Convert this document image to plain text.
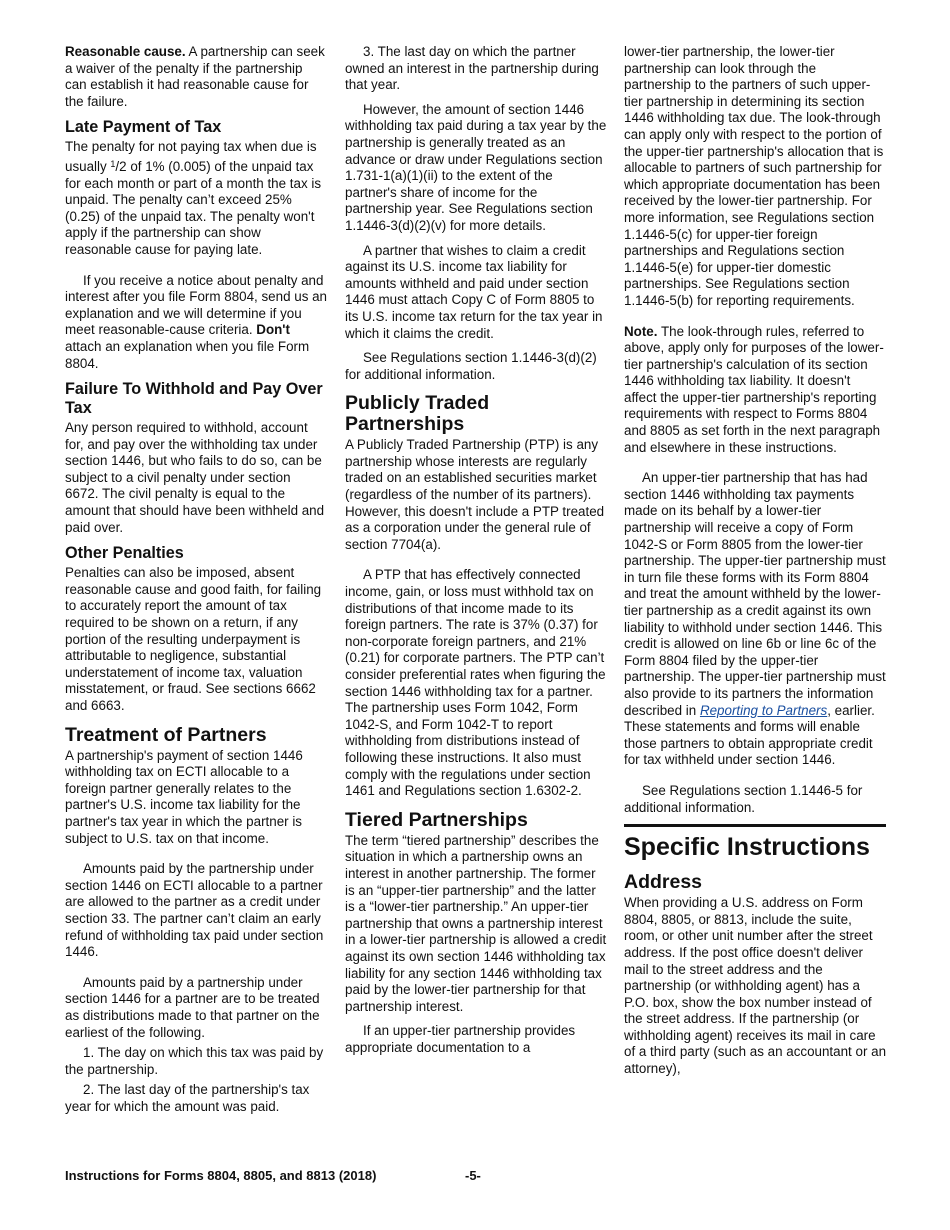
Reasonable cause. A partnership can seek a waiver of the penalty if the partnership can establish it had reasonable cause for the failure.

Late Payment of Tax

The penalty for not paying tax when due is usually $^1$/2 of 1% (0.005) of the unpaid tax for each month or part of a month the tax is unpaid. The penalty can’t exceed 25% (0.25) of the unpaid tax. The penalty won't apply if the partnership can show reasonable cause for paying late.

If you receive a notice about penalty and interest after you file Form 8804, send us an explanation and we will determine if you meet reasonable-cause criteria. Don't attach an explanation when you file Form 8804.

Failure To Withhold and Pay Over Tax

Any person required to withhold, account for, and pay over the withholding tax under section 1446, but who fails to do so, can be subject to a civil penalty under section 6672. The civil penalty is equal to the amount that should have been withheld and paid over.

Other Penalties

Penalties can also be imposed, absent reasonable cause and good faith, for failing to accurately report the amount of tax required to be shown on a return, if any portion of the resulting underpayment is attributable to negligence, substantial understatement of income tax, valuation misstatement, or fraud. See sections 6662 and 6663.

Treatment of Partners

A partnership's payment of section 1446 withholding tax on ECTI allocable to a foreign partner generally relates to the partner's U.S. income tax liability for the partner's tax year in which the partner is subject to U.S. tax on that income.

Amounts paid by the partnership under section 1446 on ECTI allocable to a partner are allowed to the partner as a credit under section 33. The partner can’t claim an early refund of withholding tax paid under section 1446.

Amounts paid by a partnership under section 1446 for a partner are to be treated as distributions made to that partner on the earliest of the following.

1. The day on which this tax was paid by the partnership.

2. The last day of the partnership's tax year for which the amount was paid.

3. The last day on which the partner owned an interest in the partnership during that year.

However, the amount of section 1446 withholding tax paid during a tax year by the partnership is generally treated as an advance or draw under Regulations section 1.731-1(a)(1)(ii) to the extent of the partner's share of income for the partnership year. See Regulations section 1.1446-3(d)(2)(v) for more details.

A partner that wishes to claim a credit against its U.S. income tax liability for amounts withheld and paid under section 1446 must attach Copy C of Form 8805 to its U.S. income tax return for the tax year in which it claims the credit.

See Regulations section 1.1446-3(d)(2) for additional information.

Publicly Traded Partnerships

A Publicly Traded Partnership (PTP) is any partnership whose interests are regularly traded on an established securities market (regardless of the number of its partners). However, this doesn't include a PTP treated as a corporation under the general rule of section 7704(a).

A PTP that has effectively connected income, gain, or loss must withhold tax on distributions of that income made to its foreign partners. The rate is 37% (0.37) for non-corporate foreign partners, and 21% (0.21) for corporate partners. The PTP can’t consider preferential rates when figuring the section 1446 withholding tax for a partner. The partnership uses Form 1042, Form 1042-S, and Form 1042-T to report withholding from distributions instead of following these instructions. It also must comply with the regulations under section 1461 and Regulations section 1.6302-2.

Tiered Partnerships

The term “tiered partnership” describes the situation in which a partnership owns an interest in another partnership. The former is an “upper-tier partnership” and the latter is a “lower-tier partnership.” An upper-tier partnership that owns a partnership interest in a lower-tier partnership is allowed a credit against its own section 1446 withholding tax liability for any section 1446 withholding tax paid by the lower-tier partnership for that partnership interest.

If an upper-tier partnership provides appropriate documentation to a

lower-tier partnership, the lower-tier partnership can look through the partnership to the partners of such upper-tier partnership in determining its section 1446 withholding tax due. The look-through can apply only with respect to the portion of the upper-tier partnership's allocation that is allocable to partners of such partnership for which appropriate documentation has been received by the lower-tier partnership. For more information, see Regulations section 1.1446-5(c) for upper-tier foreign partnerships and Regulations section 1.1446-5(e) for upper-tier domestic partnerships. See Regulations section 1.1446-5(b) for reporting requirements.

Note. The look-through rules, referred to above, apply only for purposes of the lower-tier partnership's calculation of its section 1446 withholding tax liability. It doesn't affect the upper-tier partnership's reporting requirements with respect to Forms 8804 and 8805 as set forth in the next paragraph and elsewhere in these instructions.

An upper-tier partnership that has had section 1446 withholding tax payments made on its behalf by a lower-tier partnership will receive a copy of Form 1042-S or Form 8805 from the lower-tier partnership. The upper-tier partnership must in turn file these forms with its Form 8804 and treat the amount withheld by the lower-tier partnership as a credit against its own liability to withhold under section 1446. This credit is allowed on line 6b or line 6c of the Form 8804 filed by the upper-tier partnership. The upper-tier partnership must also provide to its partners the information described in Reporting to Partners, earlier. These statements and forms will enable those partners to obtain appropriate credit for tax withheld under section 1446.

See Regulations section 1.1446-5 for additional information.

Specific Instructions
Address

When providing a U.S. address on Form 8804, 8805, or 8813, include the suite, room, or other unit number after the street address. If the post office doesn't deliver mail to the street address and the partnership (or withholding agent) has a P.O. box, show the box number instead of the street address. If the partnership (or withholding agent) receives its mail in care of a third party (such as an accountant or an attorney),

Instructions for Forms 8804, 8805, and 8813 (2018)	-5-
